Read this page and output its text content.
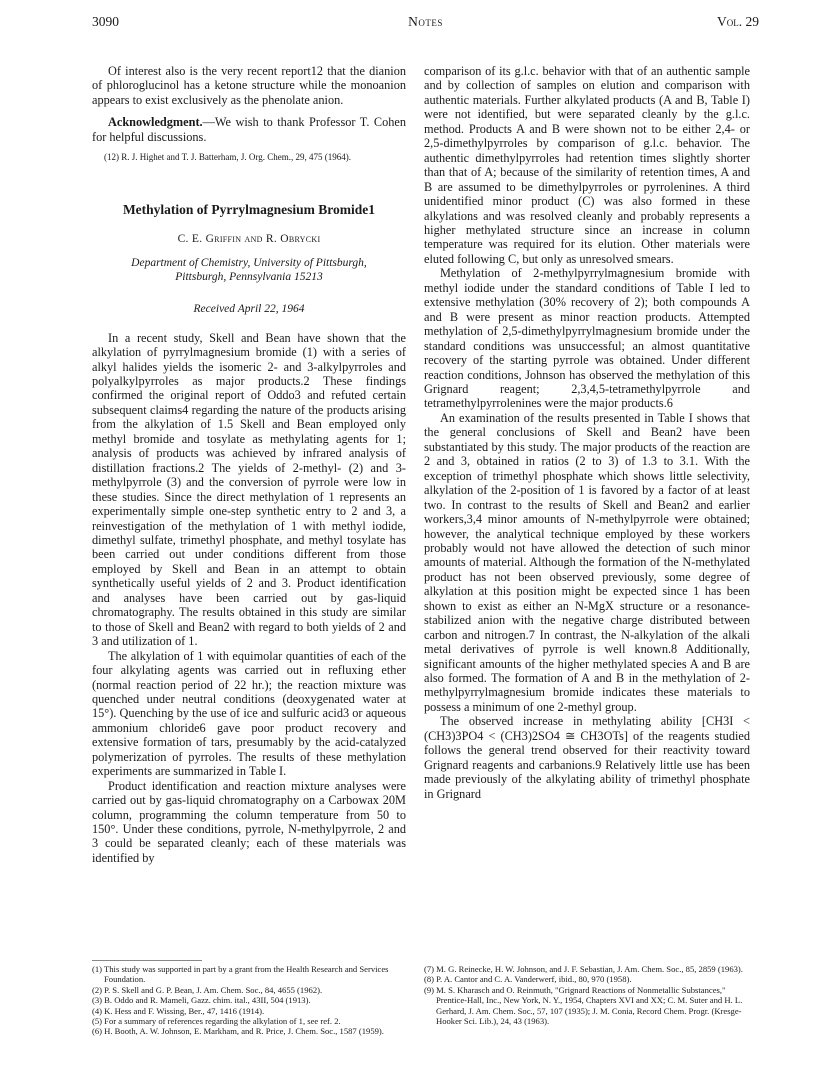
3090	Notes	Vol. 29

Of interest also is the very recent report12 that the dianion of phloroglucinol has a ketone structure while the monoanion appears to exist exclusively as the phenolate anion.

Acknowledgment.—We wish to thank Professor T. Cohen for helpful discussions.

(12) R. J. Highet and T. J. Batterham, J. Org. Chem., 29, 475 (1964).

Methylation of Pyrrylmagnesium Bromide1
C. E. Griffin and R. Obrycki
Department of Chemistry, University of Pittsburgh,
Pittsburgh, Pennsylvania 15213
Received April 22, 1964

In a recent study, Skell and Bean have shown that the alkylation of pyrrylmagnesium bromide (1) with a series of alkyl halides yields the isomeric 2- and 3-alkylpyrroles and polyalkylpyrroles as major products.2 These findings confirmed the original report of Oddo3 and refuted certain subsequent claims4 regarding the nature of the products arising from the alkylation of 1.5 Skell and Bean employed only methyl bromide and tosylate as methylating agents for 1; analysis of products was achieved by infrared analysis of distillation fractions.2 The yields of 2-methyl- (2) and 3-methylpyrrole (3) and the conversion of pyrrole were low in these studies. Since the direct methylation of 1 represents an experimentally simple one-step synthetic entry to 2 and 3, a reinvestigation of the methylation of 1 with methyl iodide, dimethyl sulfate, trimethyl phosphate, and methyl tosylate has been carried out under conditions different from those employed by Skell and Bean in an attempt to obtain synthetically useful yields of 2 and 3. Product identification and analyses have been carried out by gas-liquid chromatography. The results obtained in this study are similar to those of Skell and Bean2 with regard to both yields of 2 and 3 and utilization of 1.

The alkylation of 1 with equimolar quantities of each of the four alkylating agents was carried out in refluxing ether (normal reaction period of 22 hr.); the reaction mixture was quenched under neutral conditions (deoxygenated water at 15°). Quenching by the use of ice and sulfuric acid3 or aqueous ammonium chloride6 gave poor product recovery and extensive formation of tars, presumably by the acid-catalyzed polymerization of pyrroles. The results of these methylation experiments are summarized in Table I.

Product identification and reaction mixture analyses were carried out by gas-liquid chromatography on a Carbowax 20M column, programming the column temperature from 50 to 150°. Under these conditions, pyrrole, N-methylpyrrole, 2 and 3 could be separated cleanly; each of these materials was identified by

comparison of its g.l.c. behavior with that of an authentic sample and by collection of samples on elution and comparison with authentic materials. Further alkylated products (A and B, Table I) were not identified, but were separated cleanly by the g.l.c. method. Products A and B were shown not to be either 2,4- or 2,5-dimethylpyrroles by comparison of g.l.c. behavior. The authentic dimethylpyrroles had retention times slightly shorter than that of A; because of the similarity of retention times, A and B are assumed to be dimethylpyrroles or pyrrolenines. A third unidentified minor product (C) was also formed in these alkylations and was resolved cleanly and probably represents a higher methylated structure since an increase in column temperature was required for its elution. Other materials were eluted following C, but only as unresolved smears.

Methylation of 2-methylpyrrylmagnesium bromide with methyl iodide under the standard conditions of Table I led to extensive methylation (30% recovery of 2); both compounds A and B were present as minor reaction products. Attempted methylation of 2,5-dimethylpyrrylmagnesium bromide under the standard conditions was unsuccessful; an almost quantitative recovery of the starting pyrrole was obtained. Under different reaction conditions, Johnson has observed the methylation of this Grignard reagent; 2,3,4,5-tetramethylpyrrole and tetramethylpyrrolenines were the major products.6

An examination of the results presented in Table I shows that the general conclusions of Skell and Bean2 have been substantiated by this study. The major products of the reaction are 2 and 3, obtained in ratios (2 to 3) of 1.3 to 3.1. With the exception of trimethyl phosphate which shows little selectivity, alkylation of the 2-position of 1 is favored by a factor of at least two. In contrast to the results of Skell and Bean2 and earlier workers,3,4 minor amounts of N-methylpyrrole were obtained; however, the analytical technique employed by these workers probably would not have allowed the detection of such minor amounts of material. Although the formation of the N-methylated product has not been observed previously, some degree of alkylation at this position might be expected since 1 has been shown to exist as either an N-MgX structure or a resonance-stabilized anion with the negative charge distributed between carbon and nitrogen.7 In contrast, the N-alkylation of the alkali metal derivatives of pyrrole is well known.8 Additionally, significant amounts of the higher methylated species A and B are also formed. The formation of A and B in the methylation of 2-methylpyrrylmagnesium bromide indicates these materials to possess a minimum of one 2-methyl group.

The observed increase in methylating ability [CH3I < (CH3)3PO4 < (CH3)2SO4 ≅ CH3OTs] of the reagents studied follows the general trend observed for their reactivity toward Grignard reagents and carbanions.9 Relatively little use has been made previously of the alkylating ability of trimethyl phosphate in Grignard

(1) This study was supported in part by a grant from the Health Research and Services Foundation.
(2) P. S. Skell and G. P. Bean, J. Am. Chem. Soc., 84, 4655 (1962).
(3) B. Oddo and R. Mameli, Gazz. chim. ital., 43II, 504 (1913).
(4) K. Hess and F. Wissing, Ber., 47, 1416 (1914).
(5) For a summary of references regarding the alkylation of 1, see ref. 2.
(6) H. Booth, A. W. Johnson, E. Markham, and R. Price, J. Chem. Soc., 1587 (1959).
(7) M. G. Reinecke, H. W. Johnson, and J. F. Sebastian, J. Am. Chem. Soc., 85, 2859 (1963).
(8) P. A. Cantor and C. A. Vanderwerf, ibid., 80, 970 (1958).
(9) M. S. Kharasch and O. Reinmuth, "Grignard Reactions of Nonmetallic Substances," Prentice-Hall, Inc., New York, N. Y., 1954, Chapters XVI and XX; C. M. Suter and H. L. Gerhard, J. Am. Chem. Soc., 57, 107 (1935); J. M. Conia, Record Chem. Progr. (Kresge-Hooker Sci. Lib.), 24, 43 (1963).
